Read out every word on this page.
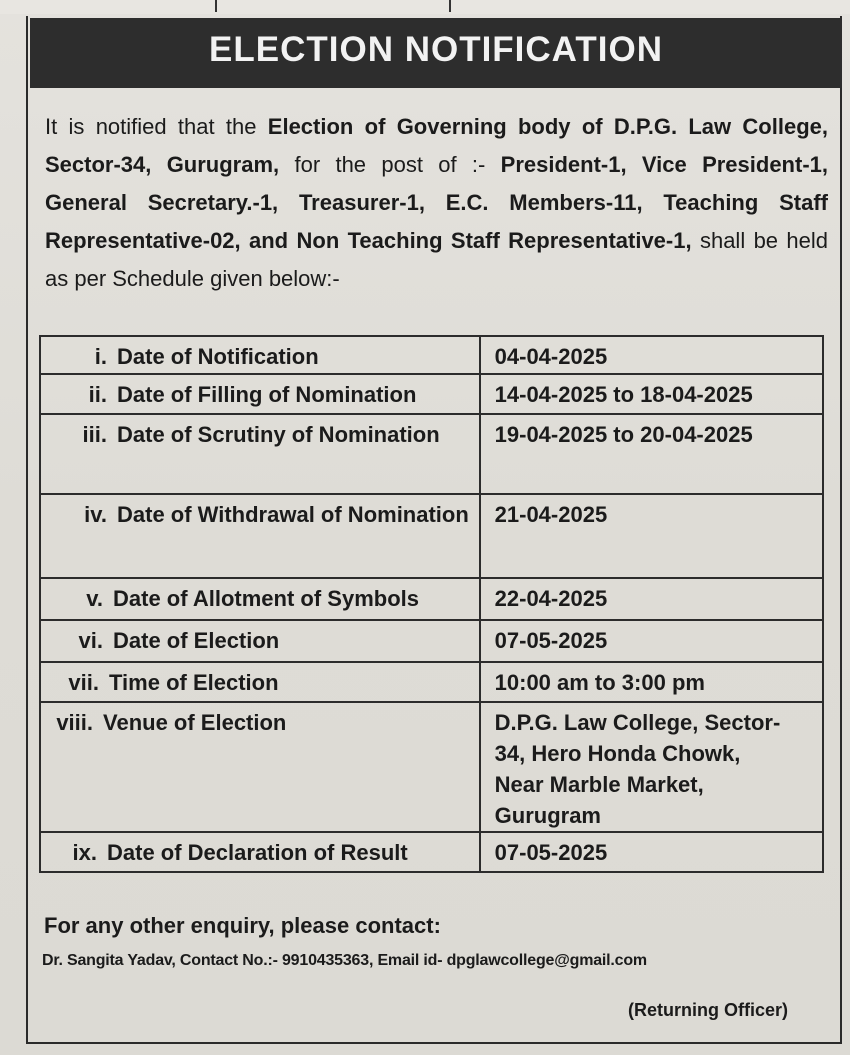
ELECTION NOTIFICATION
It is notified that the Election of Governing body of D.P.G. Law College, Sector-34, Gurugram, for the post of :- President-1, Vice President-1, General Secretary.-1, Treasurer-1, E.C. Members-11, Teaching Staff Representative-02, and Non Teaching Staff Representative-1, shall be held as per Schedule given below:-
i. Date of Notification	04-04-2025

ii. Date of Filling of Nomination	14-04-2025 to 18-04-2025

iii. Date of Scrutiny of Nomination	19-04-2025 to 20-04-2025

iv. Date of Withdrawal of Nomination	21-04-2025

v. Date of Allotment of Symbols	22-04-2025

vi. Date of Election	07-05-2025

vii. Time of Election	10:00 am to 3:00 pm

viii. Venue of Election	D.P.G. Law College, Sector-34, Hero Honda Chowk, Near Marble Market, Gurugram

ix. Date of Declaration of Result	07-05-2025
For any other enquiry, please contact:
Dr. Sangita Yadav, Contact No.:- 9910435363, Email id- dpglawcollege@gmail.com
(Returning Officer)
